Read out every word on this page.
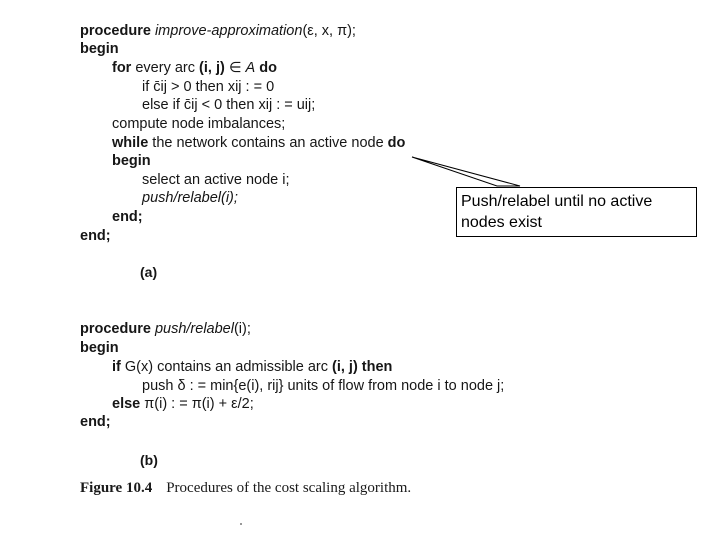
procedure improve-approximation(ε, x, π);
begin
for every arc (i, j) ∈ A do
if c̄ij > 0 then xij : = 0
else if c̄ij < 0 then xij : = uij;
compute node imbalances;
while the network contains an active node do
begin
select an active node i;
push/relabel(i);
end;
end;
(a)
procedure push/relabel(i);
begin
if G(x) contains an admissible arc (i, j) then
push δ : = min{e(i), rij} units of flow from node i to node j;
else π(i) : = π(i) + ε/2;
end;
(b)
Figure 10.4 Procedures of the cost scaling algorithm.
Push/relabel until no active nodes exist
